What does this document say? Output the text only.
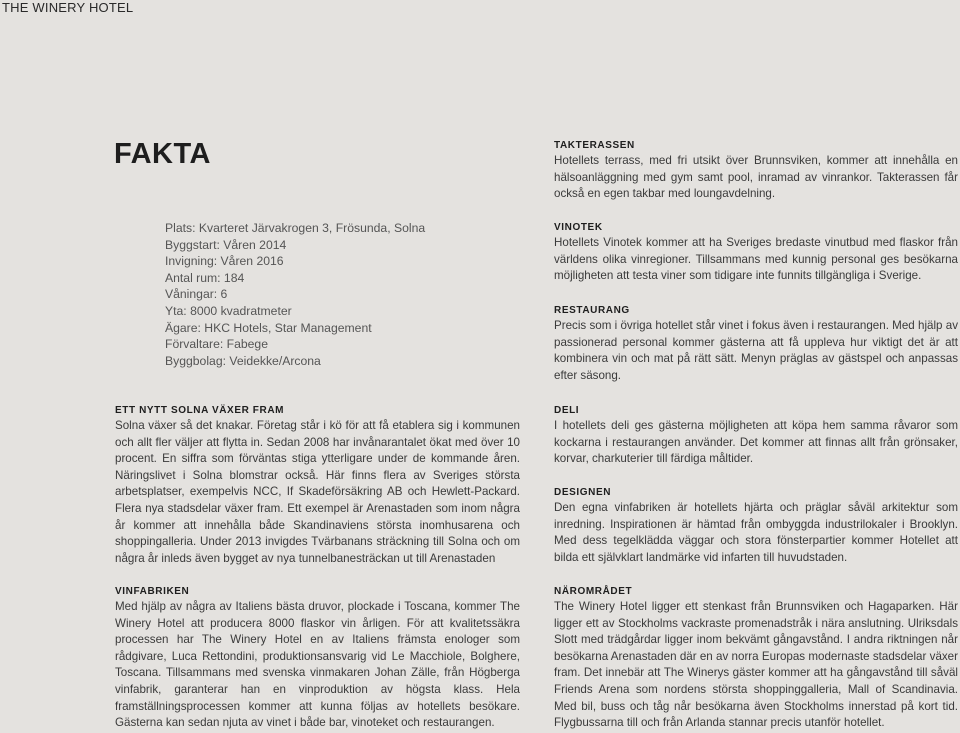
THE WINERY HOTEL
FAKTA
Plats: Kvarteret Järvakrogen 3, Frösunda, Solna
Byggstart: Våren 2014
Invigning: Våren 2016
Antal rum: 184
Våningar: 6
Yta: 8000 kvadratmeter
Ägare: HKC Hotels, Star Management
Förvaltare: Fabege
Byggbolag: Veidekke/Arcona
ETT NYTT SOLNA VÄXER FRAM

Solna växer så det knakar. Företag står i kö för att få etablera sig i kommunen och allt fler väljer att flytta in. Sedan 2008 har invånarantalet ökat med över 10 procent. En siffra som förväntas stiga ytterligare under de kommande åren. Näringslivet i Solna blomstrar också. Här finns flera av Sveriges största arbetsplatser, exempelvis NCC, If Skadeförsäkring AB och Hewlett-Packard. Flera nya stadsdelar växer fram. Ett exempel är Arenastaden som inom några år kommer att innehålla både Skandinaviens största inomhusarena och shoppingalleria. Under 2013 invigdes Tvärbanans sträckning till Solna och om några år inleds även bygget av nya tunnelbanesträckan ut till Arenastaden

VINFABRIKEN

Med hjälp av några av Italiens bästa druvor, plockade i Toscana, kommer The Winery Hotel att producera 8000 flaskor vin årligen. För att kvalitetssäkra processen har The Winery Hotel en av Italiens främsta enologer som rådgivare, Luca Rettondini, produktionsansvarig vid Le Macchiole, Bolghere, Toscana. Tillsammans med svenska vinmakaren Johan Zälle, från Högberga vinfabrik, garanterar han en vinproduktion av högsta klass. Hela framställningsprocessen kommer att kunna följas av hotellets besökare. Gästerna kan sedan njuta av vinet i både bar, vinoteket och restaurangen.

TAKTERASSEN

Hotellets terrass, med fri utsikt över Brunnsviken, kommer att innehålla en hälsoanläggning med gym samt pool, inramad av vinrankor. Takterassen får också en egen takbar med loungavdelning.

VINOTEK

Hotellets Vinotek kommer att ha Sveriges bredaste vinutbud med flaskor från världens olika vinregioner. Tillsammans med kunnig personal ges besökarna möjligheten att testa viner som tidigare inte funnits tillgängliga i Sverige.

RESTAURANG

Precis som i övriga hotellet står vinet i fokus även i restaurangen. Med hjälp av passionerad personal kommer gästerna att få uppleva hur viktigt det är att kombinera vin och mat på rätt sätt. Menyn präglas av gästspel och anpassas efter säsong.

DELI

I hotellets deli ges gästerna möjligheten att köpa hem samma råvaror som kockarna i restaurangen använder. Det kommer att finnas allt från grönsaker, korvar, charkuterier till färdiga måltider.

DESIGNEN

Den egna vinfabriken är hotellets hjärta och präglar såväl arkitektur som inredning. Inspirationen är hämtad från ombyggda industrilokaler i Brooklyn. Med dess tegelklädda väggar och stora fönsterpartier kommer Hotellet att bilda ett självklart landmärke vid infarten till huvudstaden.

NÄROMRÅDET

The Winery Hotel ligger ett stenkast från Brunnsviken och Hagaparken. Här ligger ett av Stockholms vackraste promenadstråk i nära anslutning. Ulriksdals Slott med trädgårdar ligger inom bekvämt gångavstånd. I andra riktningen når besökarna Arenastaden där en av norra Europas modernaste stadsdelar växer fram. Det innebär att The Winerys gäster kommer att ha gångavstånd till såväl Friends Arena som nordens största shoppinggalleria, Mall of Scandinavia. Med bil, buss och tåg når besökarna även Stockholms innerstad på kort tid. Flygbussarna till och från Arlanda stannar precis utanför hotellet.
